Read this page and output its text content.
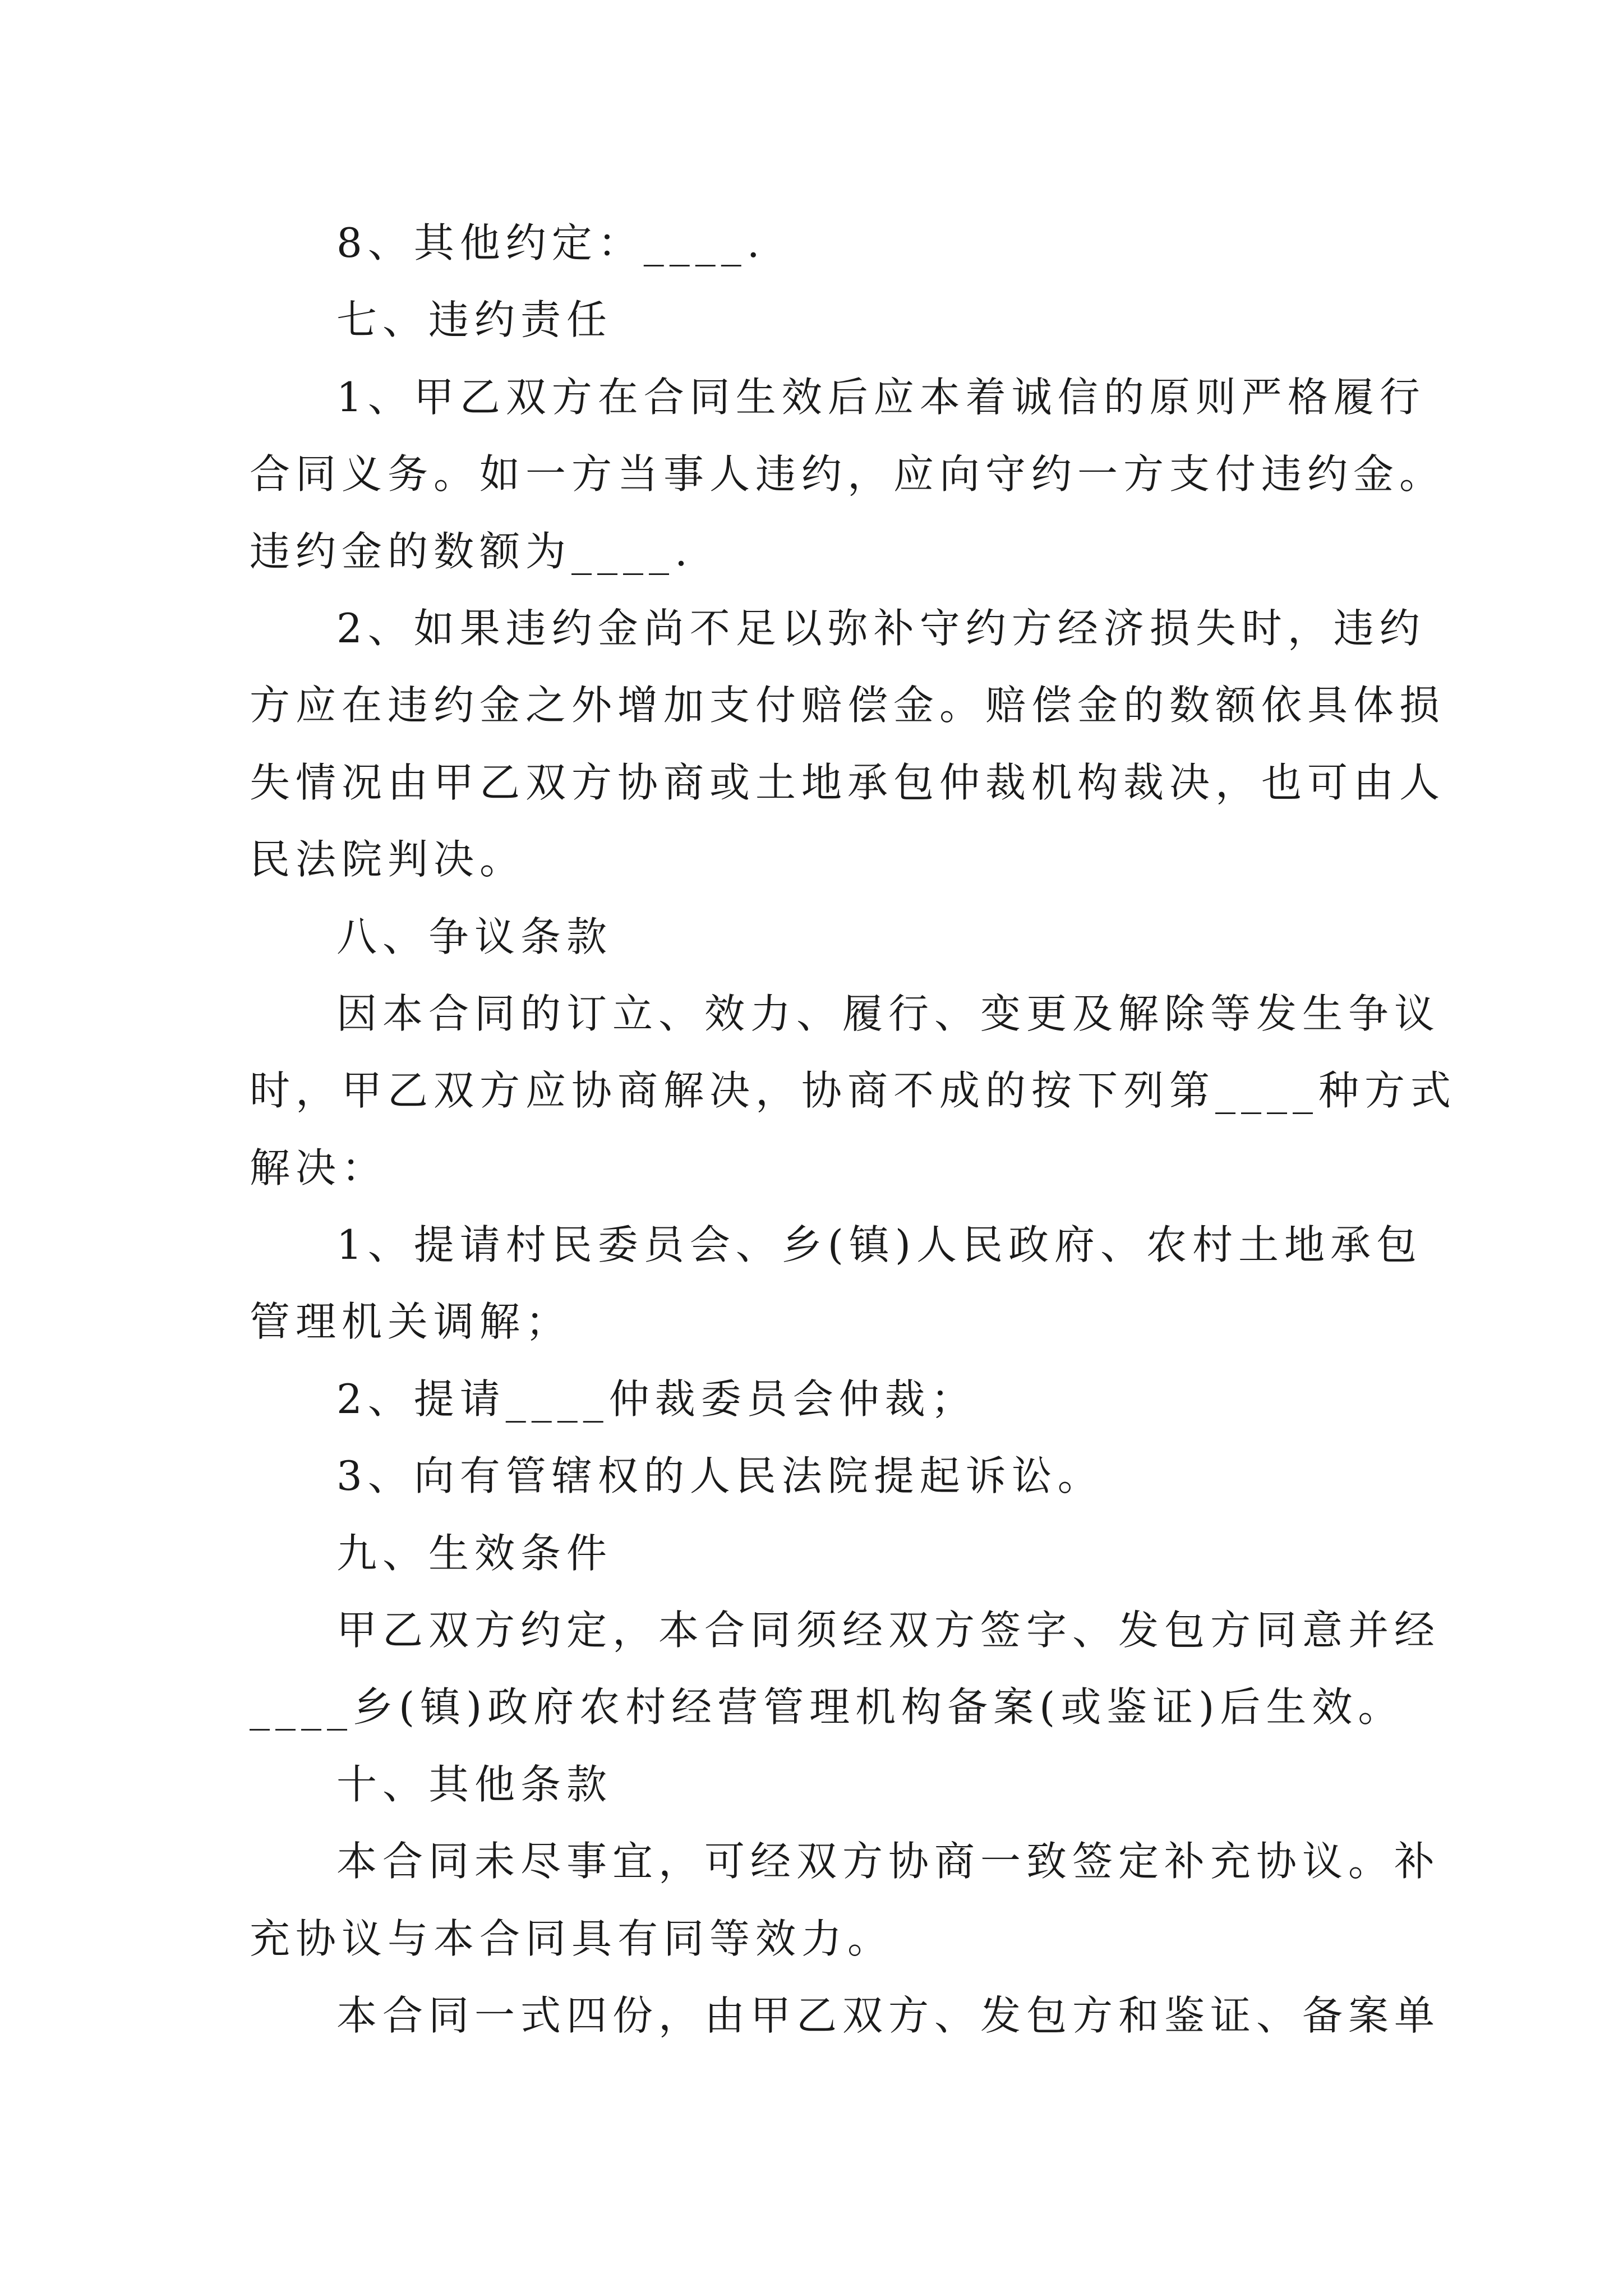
8、其他约定：____.
七、违约责任
1、甲乙双方在合同生效后应本着诚信的原则严格履行
合同义务。如一方当事人违约，应向守约一方支付违约金。
违约金的数额为____.
2、如果违约金尚不足以弥补守约方经济损失时，违约
方应在违约金之外增加支付赔偿金。赔偿金的数额依具体损
失情况由甲乙双方协商或土地承包仲裁机构裁决，也可由人
民法院判决。
八、争议条款
因本合同的订立、效力、履行、变更及解除等发生争议
时，甲乙双方应协商解决，协商不成的按下列第____种方式
解决：
1、提请村民委员会、乡(镇)人民政府、农村土地承包
管理机关调解；
2、提请____仲裁委员会仲裁；
3、向有管辖权的人民法院提起诉讼。
九、生效条件
甲乙双方约定，本合同须经双方签字、发包方同意并经
____乡(镇)政府农村经营管理机构备案(或鉴证)后生效。
十、其他条款
本合同未尽事宜，可经双方协商一致签定补充协议。补
充协议与本合同具有同等效力。
本合同一式四份，由甲乙双方、发包方和鉴证、备案单
